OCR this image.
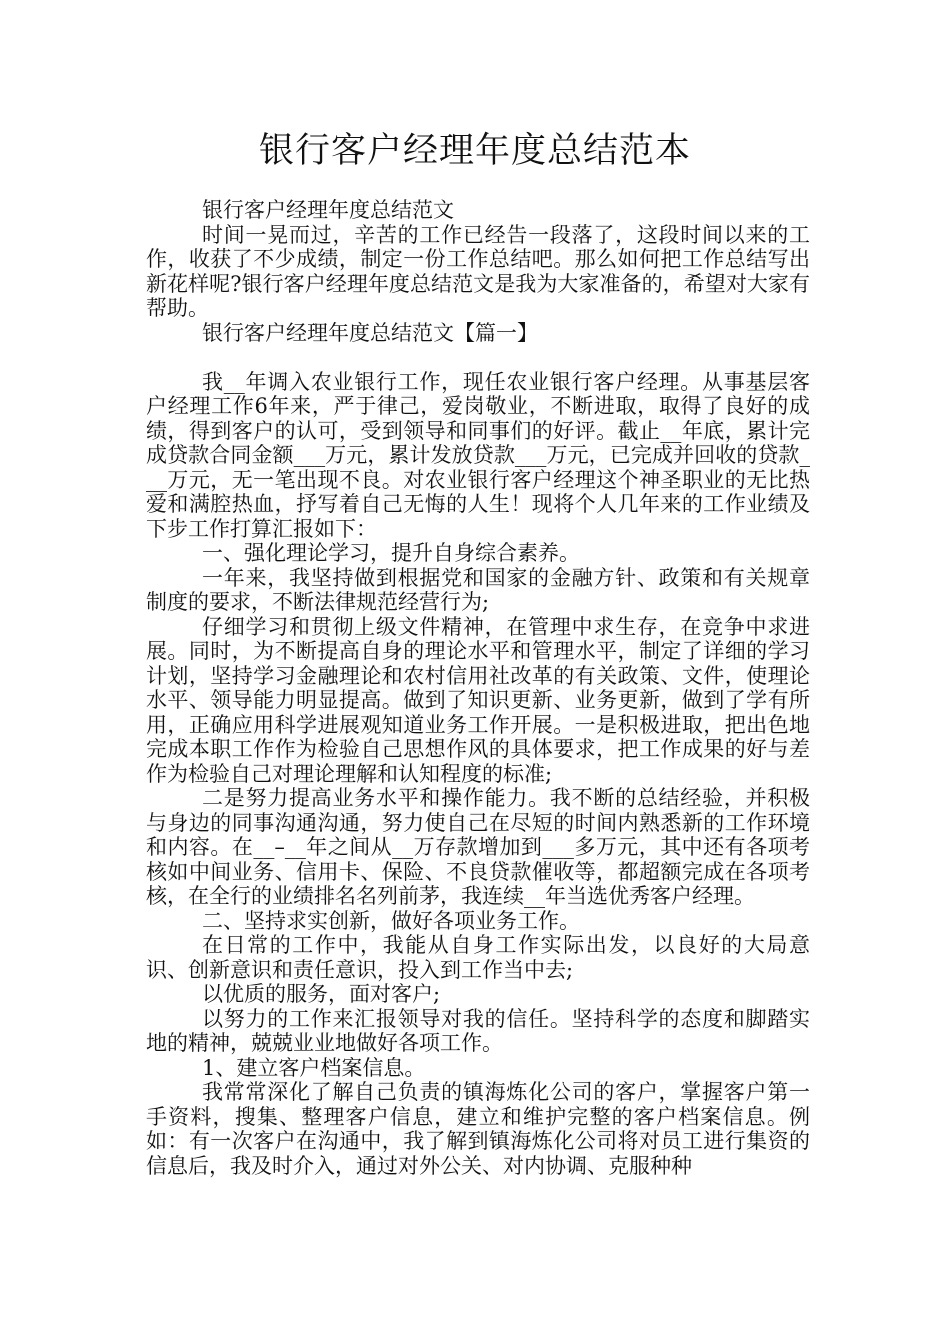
银行客户经理年度总结范本

银行客户经理年度总结范文

时间一晃而过，辛苦的工作已经告一段落了，这段时间以来的工作，收获了不少成绩，制定一份工作总结吧。那么如何把工作总结写出新花样呢?银行客户经理年度总结范文是我为大家准备的，希望对大家有帮助。

银行客户经理年度总结范文【篇一】

我__年调入农业银行工作，现任农业银行客户经理。从事基层客户经理工作6年来，严于律己，爱岗敬业，不断进取，取得了良好的成绩，得到客户的认可，受到领导和同事们的好评。截止__年底，累计完成贷款合同金额___万元，累计发放贷款___万元，已完成并回收的贷款___万元，无一笔出现不良。对农业银行客户经理这个神圣职业的无比热爱和满腔热血，抒写着自己无悔的人生！现将个人几年来的工作业绩及下步工作打算汇报如下：

一、强化理论学习，提升自身综合素养。

一年来，我坚持做到根据党和国家的金融方针、政策和有关规章制度的要求，不断法律规范经营行为;

仔细学习和贯彻上级文件精神，在管理中求生存，在竞争中求进展。同时，为不断提高自身的理论水平和管理水平，制定了详细的学习计划，坚持学习金融理论和农村信用社改革的有关政策、文件，使理论水平、领导能力明显提高。做到了知识更新、业务更新，做到了学有所用，正确应用科学进展观知道业务工作开展。一是积极进取，把出色地完成本职工作作为检验自己思想作风的具体要求，把工作成果的好与差作为检验自己对理论理解和认知程度的标准;

二是努力提高业务水平和操作能力。我不断的总结经验，并积极与身边的同事沟通沟通，努力使自己在尽短的时间内熟悉新的工作环境和内容。在__–__年之间从__万存款增加到___多万元，其中还有各项考核如中间业务、信用卡、保险、不良贷款催收等，都超额完成在各项考核，在全行的业绩排名名列前茅，我连续__年当选优秀客户经理。

二、坚持求实创新，做好各项业务工作。

在日常的工作中，我能从自身工作实际出发，以良好的大局意识、创新意识和责任意识，投入到工作当中去;

以优质的服务，面对客户;

以努力的工作来汇报领导对我的信任。坚持科学的态度和脚踏实地的精神，兢兢业业地做好各项工作。

1、建立客户档案信息。

我常常深化了解自己负责的镇海炼化公司的客户，掌握客户第一手资料，搜集、整理客户信息，建立和维护完整的客户档案信息。例如：有一次客户在沟通中，我了解到镇海炼化公司将对员工进行集资的信息后，我及时介入，通过对外公关、对内协调、克服种种
